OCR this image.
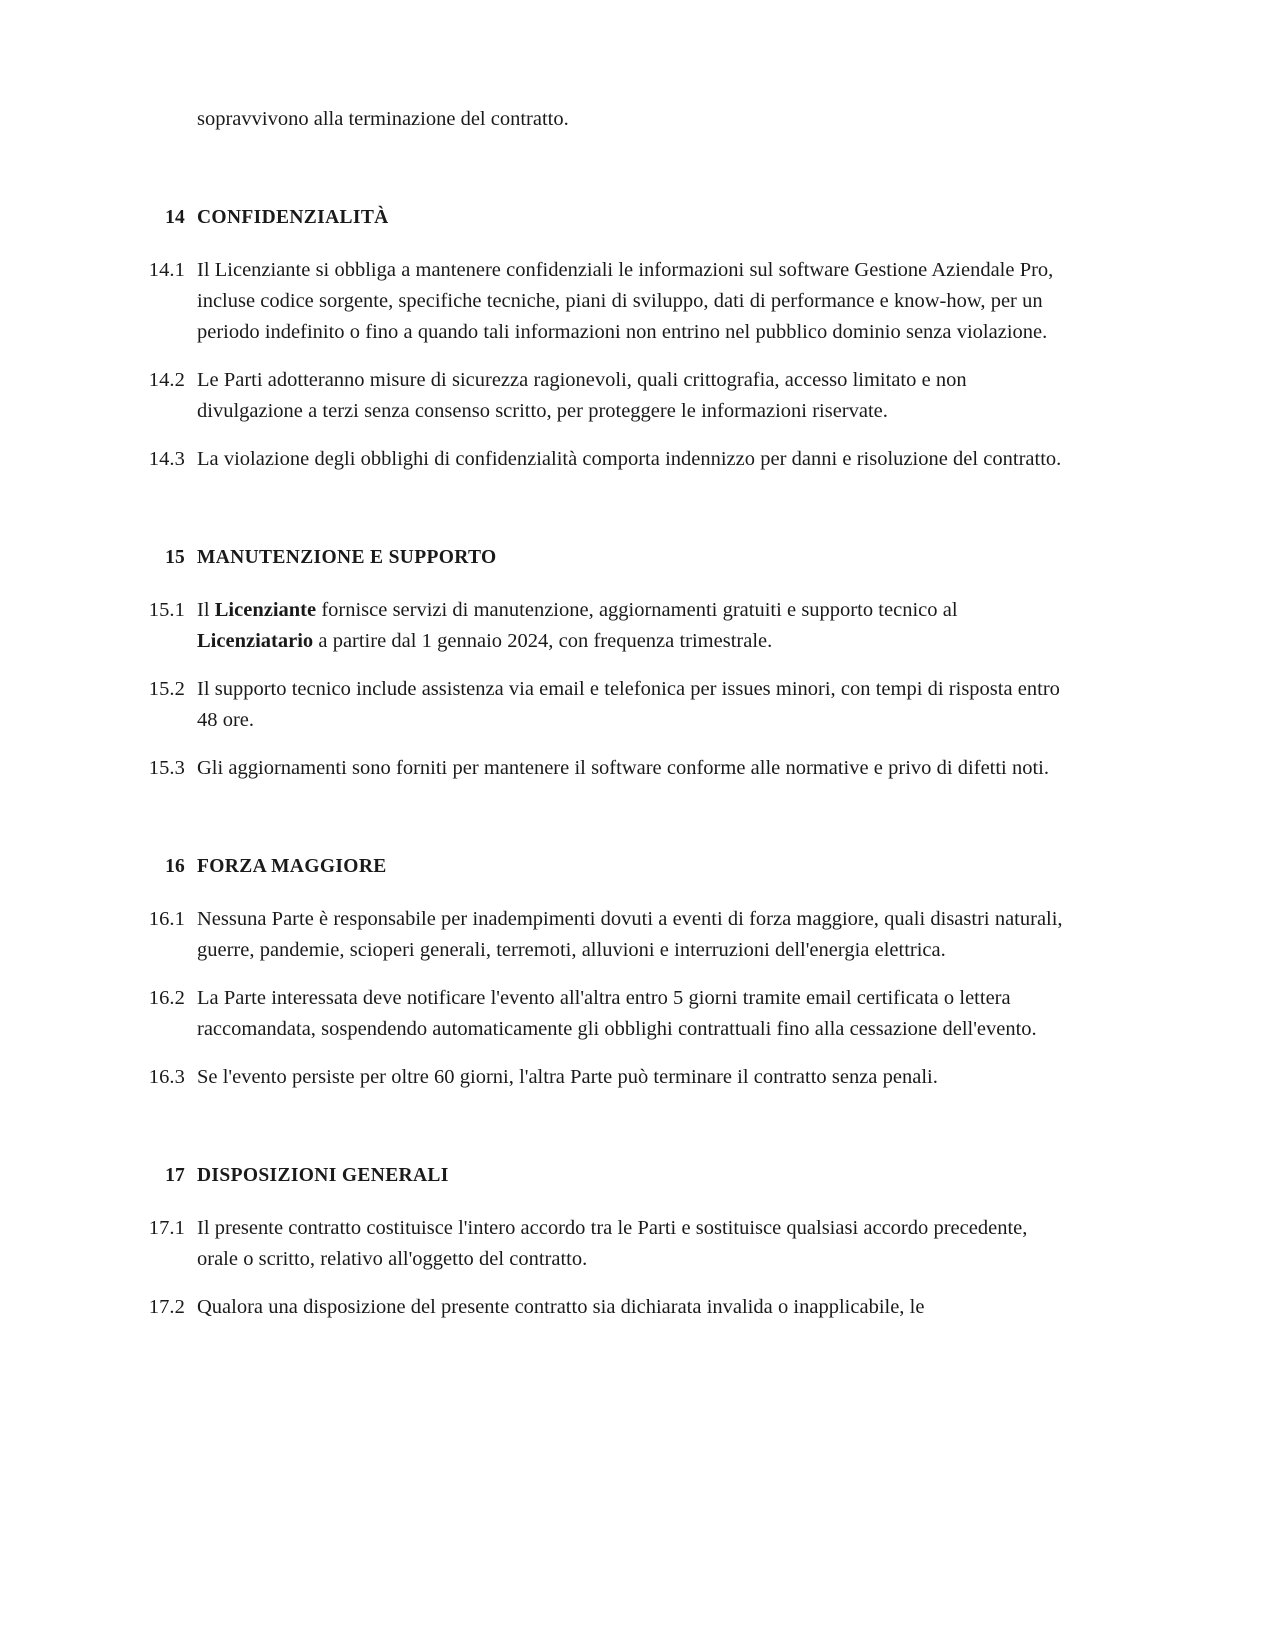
sopravvivono alla terminazione del contratto.

14 CONFIDENZIALITÀ
14.1 Il Licenziante si obbliga a mantenere confidenziali le informazioni sul software Gestione Aziendale Pro, incluse codice sorgente, specifiche tecniche, piani di sviluppo, dati di performance e know-how, per un periodo indefinito o fino a quando tali informazioni non entrino nel pubblico dominio senza violazione.
14.2 Le Parti adotteranno misure di sicurezza ragionevoli, quali crittografia, accesso limitato e non divulgazione a terzi senza consenso scritto, per proteggere le informazioni riservate.
14.3 La violazione degli obblighi di confidenzialità comporta indennizzo per danni e risoluzione del contratto.
15 MANUTENZIONE E SUPPORTO
15.1 Il Licenziante fornisce servizi di manutenzione, aggiornamenti gratuiti e supporto tecnico al Licenziatario a partire dal 1 gennaio 2024, con frequenza trimestrale.
15.2 Il supporto tecnico include assistenza via email e telefonica per issues minori, con tempi di risposta entro 48 ore.
15.3 Gli aggiornamenti sono forniti per mantenere il software conforme alle normative e privo di difetti noti.
16 FORZA MAGGIORE
16.1 Nessuna Parte è responsabile per inadempimenti dovuti a eventi di forza maggiore, quali disastri naturali, guerre, pandemie, scioperi generali, terremoti, alluvioni e interruzioni dell'energia elettrica.
16.2 La Parte interessata deve notificare l'evento all'altra entro 5 giorni tramite email certificata o lettera raccomandata, sospendendo automaticamente gli obblighi contrattuali fino alla cessazione dell'evento.
16.3 Se l'evento persiste per oltre 60 giorni, l'altra Parte può terminare il contratto senza penali.
17 DISPOSIZIONI GENERALI
17.1 Il presente contratto costituisce l'intero accordo tra le Parti e sostituisce qualsiasi accordo precedente, orale o scritto, relativo all'oggetto del contratto.
17.2 Qualora una disposizione del presente contratto sia dichiarata invalida o inapplicabile, le
